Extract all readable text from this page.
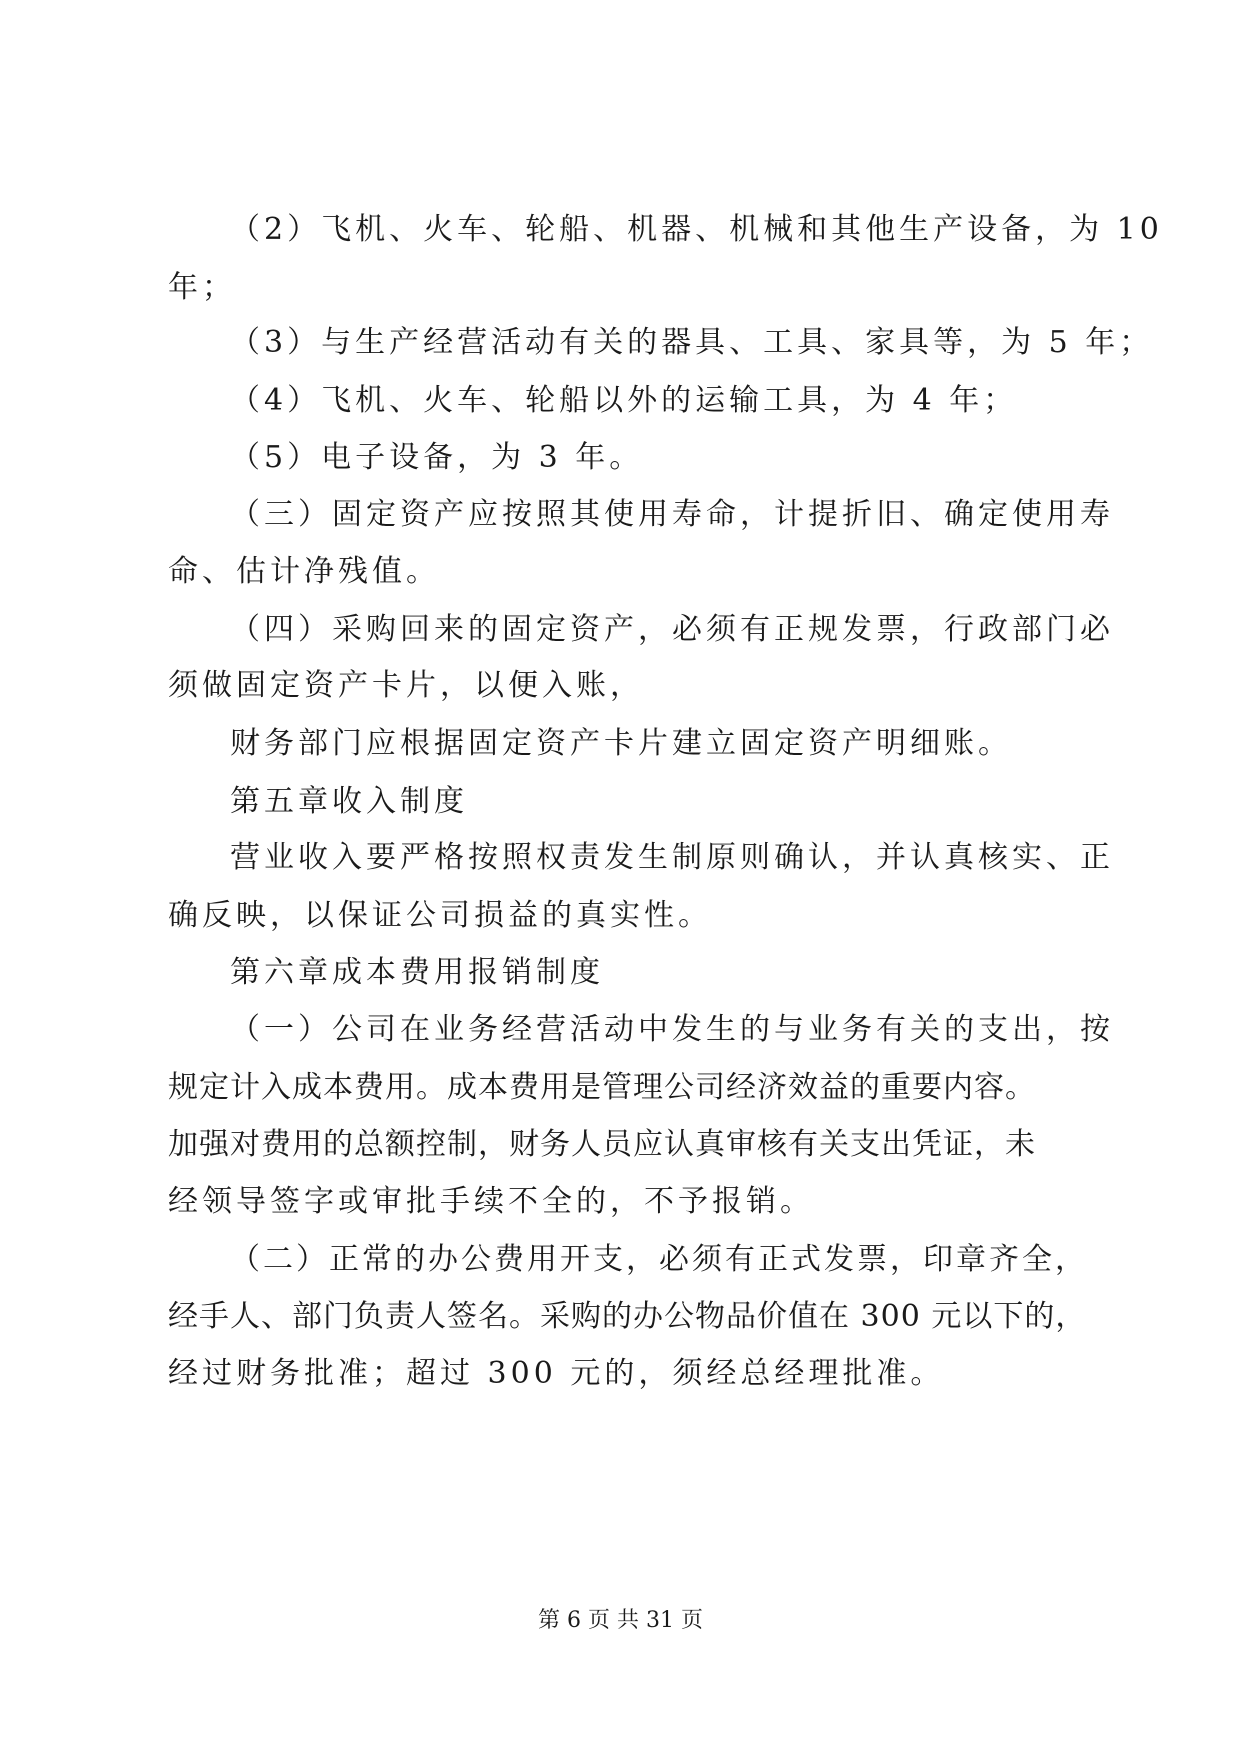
（2）飞机、火车、轮船、机器、机械和其他生产设备，为 10
年；
（3）与生产经营活动有关的器具、工具、家具等，为 5 年；
（4）飞机、火车、轮船以外的运输工具，为 4 年；
（5）电子设备，为 3 年。
（三）固定资产应按照其使用寿命，计提折旧、确定使用寿
命、估计净残值。
（四）采购回来的固定资产，必须有正规发票，行政部门必
须做固定资产卡片，以便入账，
财务部门应根据固定资产卡片建立固定资产明细账。
第五章收入制度
营业收入要严格按照权责发生制原则确认，并认真核实、正
确反映，以保证公司损益的真实性。
第六章成本费用报销制度
（一）公司在业务经营活动中发生的与业务有关的支出，按
规定计入成本费用。成本费用是管理公司经济效益的重要内容。
加强对费用的总额控制，财务人员应认真审核有关支出凭证，未
经领导签字或审批手续不全的，不予报销。
（二）正常的办公费用开支，必须有正式发票，印章齐全，
经手人、部门负责人签名。采购的办公物品价值在 300 元以下的，
经过财务批准；超过 300 元的，须经总经理批准。
第 6 页 共 31 页
